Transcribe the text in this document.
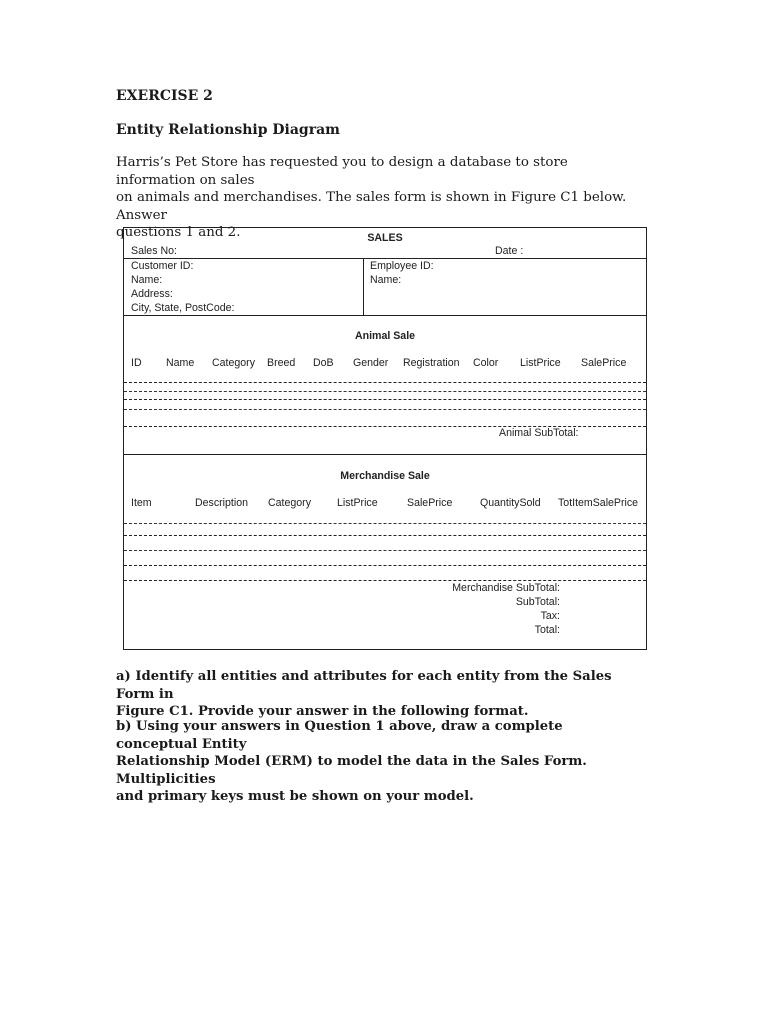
EXERCISE 2
Entity Relationship Diagram
Harris’s Pet Store has requested you to design a database to store information on sales
on animals and merchandises. The sales form is shown in Figure C1 below. Answer
questions 1 and 2.	SALES
Sales No:	Date :
Customer ID:
Name:
Address:
City, State, PostCode:
Employee ID:
Name:
Animal Sale
ID Name Category Breed DoB Gender Registration Color ListPrice SalePrice
Animal SubTotal:
Merchandise Sale
Item	Description Category ListPrice	SalePrice	QuantitySold TotItemSalePrice
Merchandise SubTotal:
SubTotal:
Tax:
Total:
a) Identify all entities and attributes for each entity from the Sales Form in
Figure C1. Provide your answer in the following format.
b) Using your answers in Question 1 above, draw a complete conceptual Entity
Relationship Model (ERM) to model the data in the Sales Form. Multiplicities
and primary keys must be shown on your model.
